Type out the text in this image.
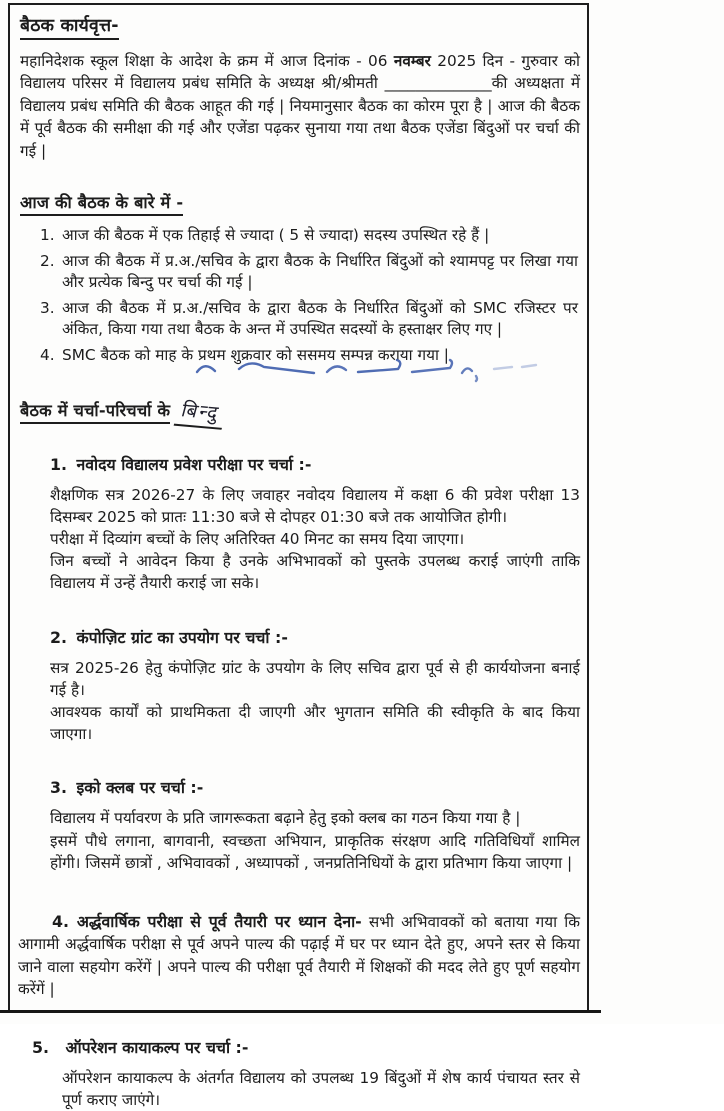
बैठक कार्यवृत्त-

महानिदेशक स्कूल शिक्षा के आदेश के क्रम में आज दिनांक - 06 नवम्बर 2025 दिन - गुरुवार को विद्यालय परिसर में विद्यालय प्रबंध समिति के अध्यक्ष श्री/श्रीमती ______________की अध्यक्षता में विद्यालय प्रबंध समिति की बैठक आहूत की गई | नियमानुसार बैठक का कोरम पूरा है | आज की बैठक में पूर्व बैठक की समीक्षा की गई और एजेंडा पढ़कर सुनाया गया तथा बैठक एजेंडा बिंदुओं पर चर्चा की गई |

आज की बैठक के बारे में -
1. आज की बैठक में एक तिहाई से ज्यादा ( 5 से ज्यादा) सदस्य उपस्थित रहे हैं |
2. आज की बैठक में प्र.अ./सचिव के द्वारा बैठक के निर्धारित बिंदुओं को श्यामपट्ट पर लिखा गया और प्रत्येक बिन्दु पर चर्चा की गई |
3. आज की बैठक में प्र.अ./सचिव के द्वारा बैठक के निर्धारित बिंदुओं को SMC रजिस्टर पर अंकित, किया गया तथा बैठक के अन्त में उपस्थित सदस्यों के हस्ताक्षर लिए गए |
4. SMC बैठक को माह के प्रथम शुक्रवार को ससमय सम्पन्न कराया गया |
बैठक में चर्चा-परिचर्चा के बिन्दु
1. नवोदय विद्यालय प्रवेश परीक्षा पर चर्चा :-

शैक्षणिक सत्र 2026-27 के लिए जवाहर नवोदय विद्यालय में कक्षा 6 की प्रवेश परीक्षा 13 दिसम्बर 2025 को प्रातः 11:30 बजे से दोपहर 01:30 बजे तक आयोजित होगी।

परीक्षा में दिव्यांग बच्चों के लिए अतिरिक्त 40 मिनट का समय दिया जाएगा।

जिन बच्चों ने आवेदन किया है उनके अभिभावकों को पुस्तके उपलब्ध कराई जाएंगी ताकि विद्यालय में उन्हें तैयारी कराई जा सके।

2. कंपोज़िट ग्रांट का उपयोग पर चर्चा :-

सत्र 2025-26 हेतु कंपोज़िट ग्रांट के उपयोग के लिए सचिव द्वारा पूर्व से ही कार्ययोजना बनाई गई है।

आवश्यक कार्यों को प्राथमिकता दी जाएगी और भुगतान समिति की स्वीकृति के बाद किया जाएगा।

3. इको क्लब पर चर्चा :-

विद्यालय में पर्यावरण के प्रति जागरूकता बढ़ाने हेतु इको क्लब का गठन किया गया है |

इसमें पौधे लगाना, बागवानी, स्वच्छता अभियान, प्राकृतिक संरक्षण आदि गतिविधियाँ शामिल होंगी। जिसमें छात्रों , अभिवावकों , अध्यापकों , जनप्रतिनिधियों के द्वारा प्रतिभाग किया जाएगा |

4. अर्द्धवार्षिक परीक्षा से पूर्व तैयारी पर ध्यान देना- सभी अभिवावकों को बताया गया कि आगामी अर्द्धवार्षिक परीक्षा से पूर्व अपने पाल्य की पढ़ाई में घर पर ध्यान देते हुए, अपने स्तर से किया जाने वाला सहयोग करेंगें | अपने पाल्य की परीक्षा पूर्व तैयारी में शिक्षकों की मदद लेते हुए पूर्ण सहयोग करेंगें |

5. ऑपरेशन कायाकल्प पर चर्चा :-

ऑपरेशन कायाकल्प के अंतर्गत विद्यालय को उपलब्ध 19 बिंदुओं में शेष कार्य पंचायत स्तर से पूर्ण कराए जाएंगे।
